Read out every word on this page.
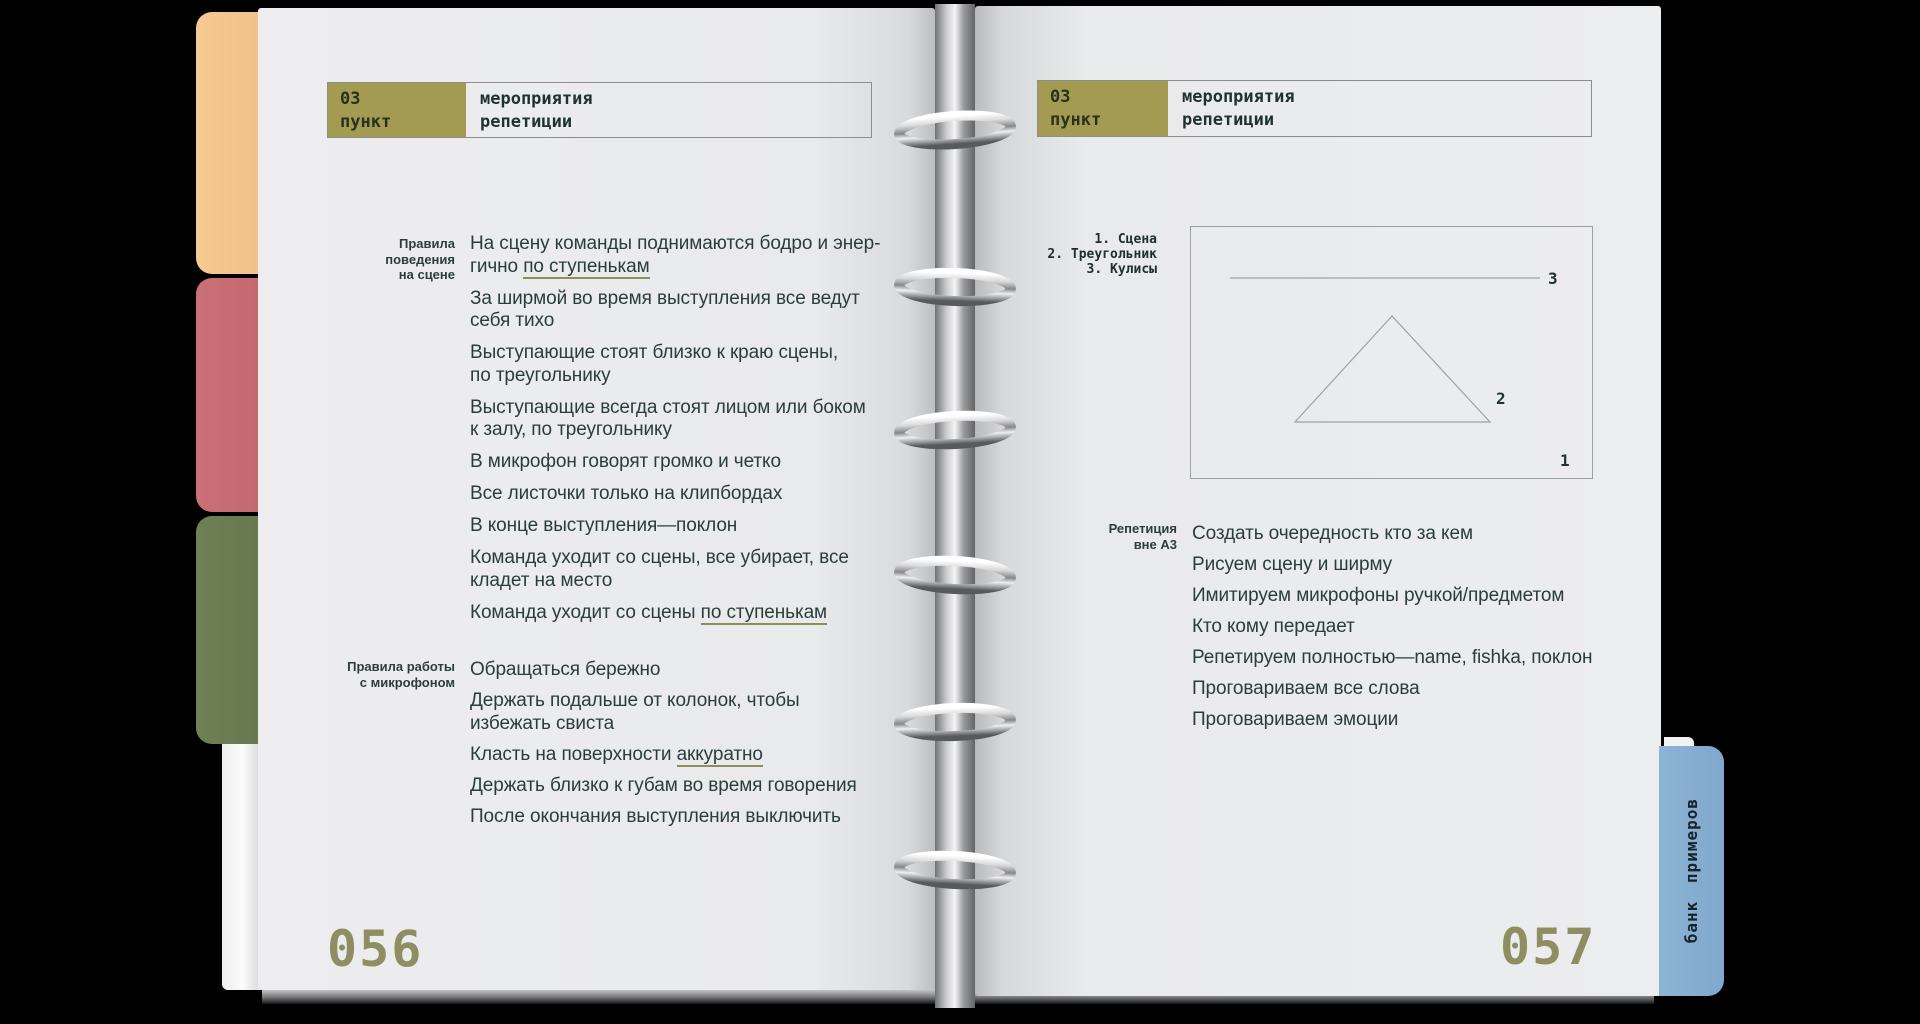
03
пункт
мероприятия
репетиции
03
пункт
мероприятия
репетиции
Правила
поведения
на сцене
На сцену команды поднимаются бодро и энер-
гично по ступенькам
За ширмой во время выступления все ведут
себя тихо
Выступающие стоят близко к краю сцены,
по треугольнику
Выступающие всегда стоят лицом или боком
к залу, по треугольнику
В микрофон говорят громко и четко
Все листочки только на клипбордах
В конце выступления—поклон
Команда уходит со сцены, все убирает, все
кладет на место
Команда уходит со сцены по ступенькам
Правила работы
с микрофоном
Обращаться бережно
Держать подальше от колонок, чтобы
избежать свиста
Класть на поверхности аккуратно
Держать близко к губам во время говорения
После окончания выступления выключить
056
1. Сцена
2. Треугольник
3. Кулисы	3
2
1
Репетиция
вне А3 Создать очередность кто за кем
Рисуем сцену и ширму
Имитируем микрофоны ручкой/предметом
Кто кому передает
Репетируем полностью—name, fishka, поклон
Проговариваем все слова
Проговариваем эмоции
057
банк примеров
